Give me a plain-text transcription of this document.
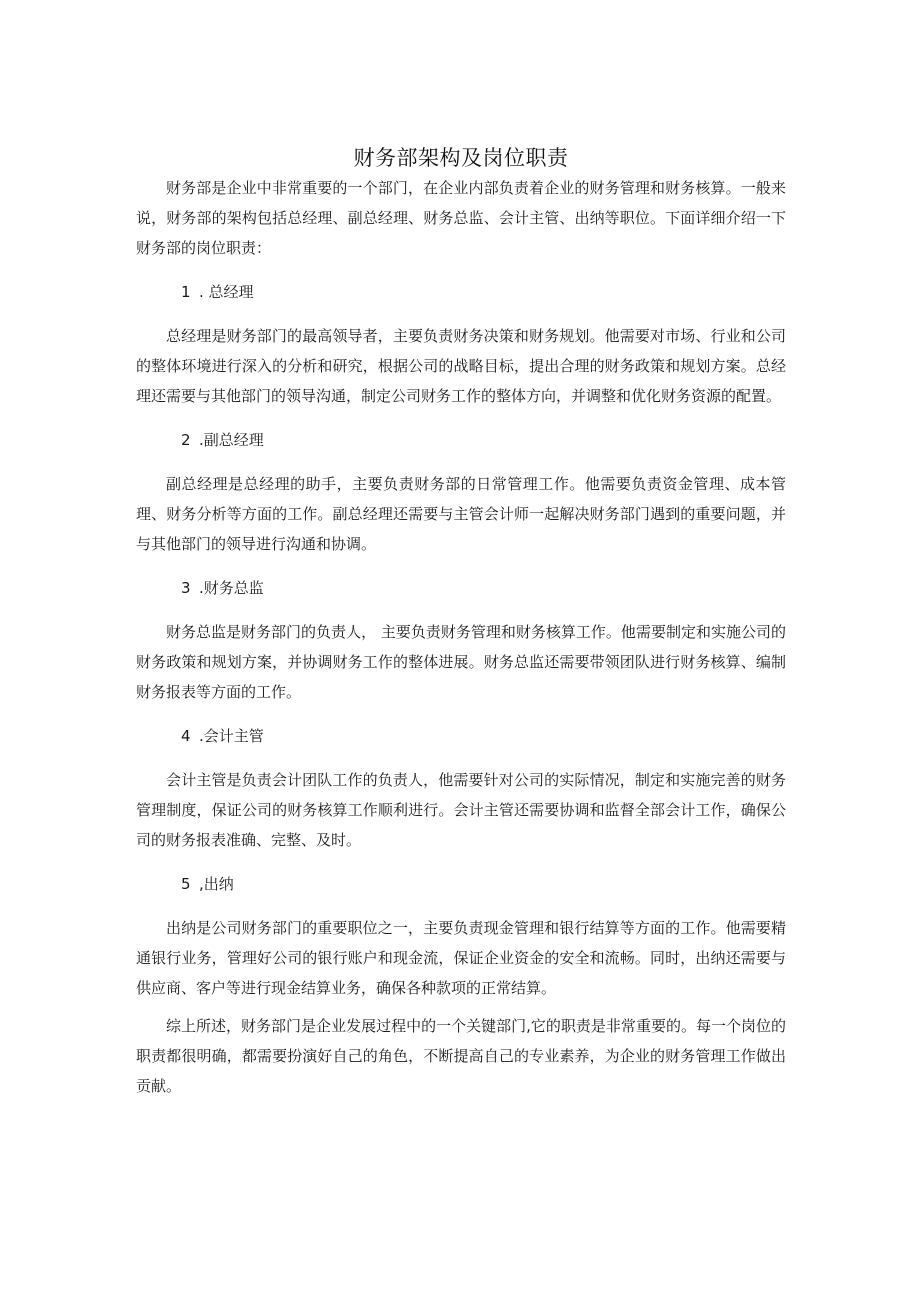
财务部架构及岗位职责

财务部是企业中非常重要的一个部门，在企业内部负责着企业的财务管理和财务核算。一般来说，财务部的架构包括总经理、副总经理、财务总监、会计主管、出纳等职位。下面详细介绍一下财务部的岗位职责：

1 . 总经理

总经理是财务部门的最高领导者，主要负责财务决策和财务规划。他需要对市场、行业和公司的整体环境进行深入的分析和研究，根据公司的战略目标，提出合理的财务政策和规划方案。总经理还需要与其他部门的领导沟通，制定公司财务工作的整体方向，并调整和优化财务资源的配置。

2 .副总经理

副总经理是总经理的助手，主要负责财务部的日常管理工作。他需要负责资金管理、成本管理、财务分析等方面的工作。副总经理还需要与主管会计师一起解决财务部门遇到的重要问题，并与其他部门的领导进行沟通和协调。

3 .财务总监

财务总监是财务部门的负责人， 主要负责财务管理和财务核算工作。他需要制定和实施公司的财务政策和规划方案，并协调财务工作的整体进展。财务总监还需要带领团队进行财务核算、编制财务报表等方面的工作。

4 .会计主管

会计主管是负责会计团队工作的负责人，他需要针对公司的实际情况，制定和实施完善的财务管理制度，保证公司的财务核算工作顺利进行。会计主管还需要协调和监督全部会计工作，确保公司的财务报表准确、完整、及时。

5 ,出纳

出纳是公司财务部门的重要职位之一，主要负责现金管理和银行结算等方面的工作。他需要精通银行业务，管理好公司的银行账户和现金流，保证企业资金的安全和流畅。同时，出纳还需要与供应商、客户等进行现金结算业务，确保各种款项的正常结算。

综上所述，财务部门是企业发展过程中的一个关键部门,它的职责是非常重要的。每一个岗位的职责都很明确，都需要扮演好自己的角色，不断提高自己的专业素养，为企业的财务管理工作做出贡献。
